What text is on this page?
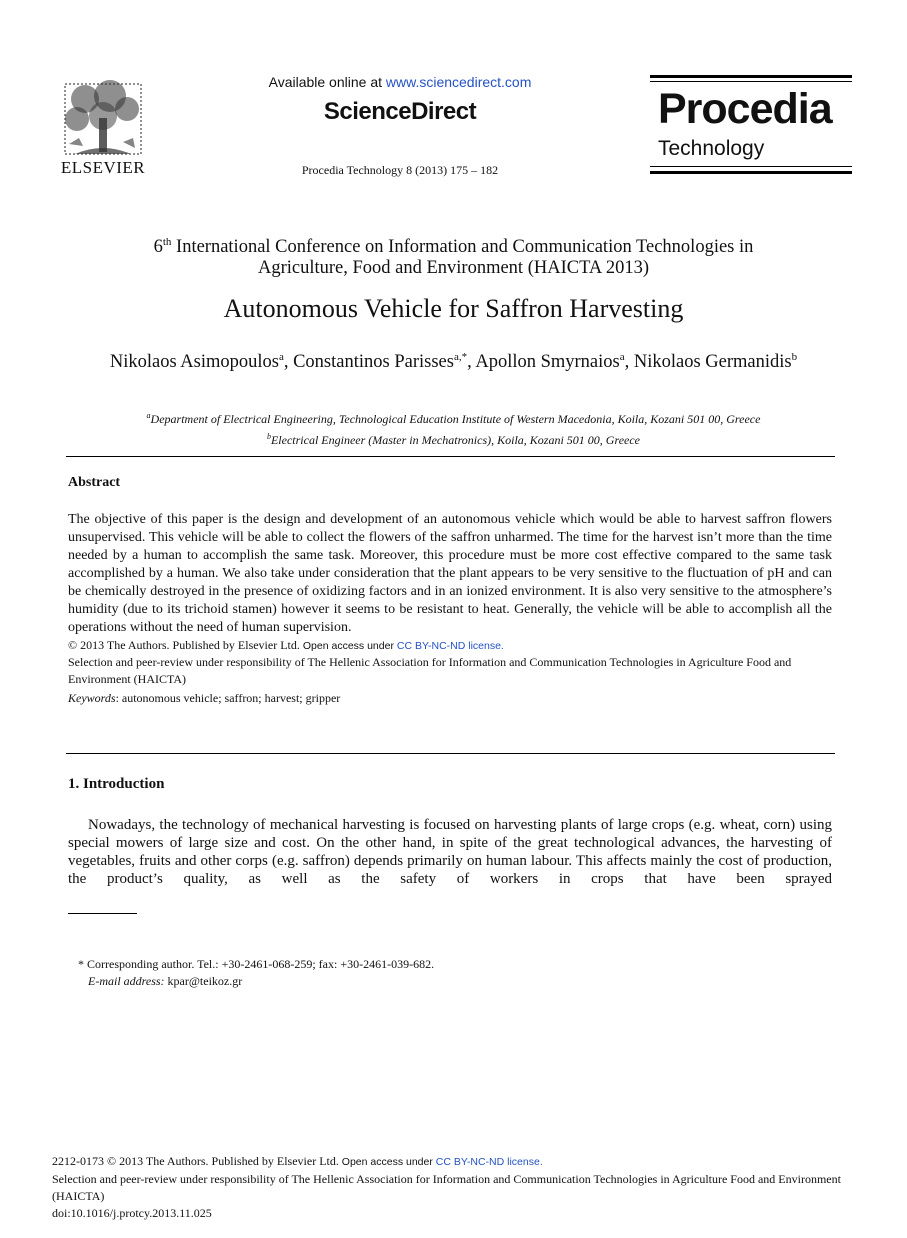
ELSEVIER
Available online at www.sciencedirect.com
ScienceDirect
Procedia Technology 8 (2013) 175 – 182
Procedia
Technology
6th International Conference on Information and Communication Technologies in
Agriculture, Food and Environment (HAICTA 2013)
Autonomous Vehicle for Saffron Harvesting
Nikolaos Asimopoulos$^a$, Constantinos Parisses$^{a,*}$, Apollon Smyrnaios$^a$, Nikolaos Germanidis$^b$
$^a$Department of Electrical Engineering, Technological Education Institute of Western Macedonia, Koila, Kozani 501 00, Greece
$^b$Electrical Engineer (Master in Mechatronics), Koila, Kozani 501 00, Greece
Abstract
The objective of this paper is the design and development of an autonomous vehicle which would be able to harvest saffron flowers unsupervised. This vehicle will be able to collect the flowers of the saffron unharmed. The time for the harvest isn’t more than the time needed by a human to accomplish the same task. Moreover, this procedure must be more cost effective compared to the same task accomplished by a human. We also take under consideration that the plant appears to be very sensitive to the fluctuation of pH and can be chemically destroyed in the presence of oxidizing factors and in an ionized environment. It is also very sensitive to the atmosphere’s humidity (due to its trichoid stamen) however it seems to be resistant to heat. Generally, the vehicle will be able to accomplish all the operations without the need of human supervision.
© 2013 The Authors. Published by Elsevier Ltd. Open access under CC BY-NC-ND license.
Selection and peer-review under responsibility of The Hellenic Association for Information and Communication Technologies in Agriculture Food and Environment (HAICTA)
Keywords: autonomous vehicle; saffron; harvest; gripper
1. Introduction
Nowadays, the technology of mechanical harvesting is focused on harvesting plants of large crops (e.g. wheat, corn) using special mowers of large size and cost. On the other hand, in spite of the great technological advances, the harvesting of vegetables, fruits and other corps (e.g. saffron) depends primarily on human labour. This affects mainly the cost of production, the product’s quality, as well as the safety of workers in crops that have been sprayed
* Corresponding author. Tel.: +30-2461-068-259; fax: +30-2461-039-682.
E-mail address: kpar@teikoz.gr
2212-0173 © 2013 The Authors. Published by Elsevier Ltd. Open access under CC BY-NC-ND license.
Selection and peer-review under responsibility of The Hellenic Association for Information and Communication Technologies in Agriculture Food and Environment (HAICTA)
doi:10.1016/j.protcy.2013.11.025
